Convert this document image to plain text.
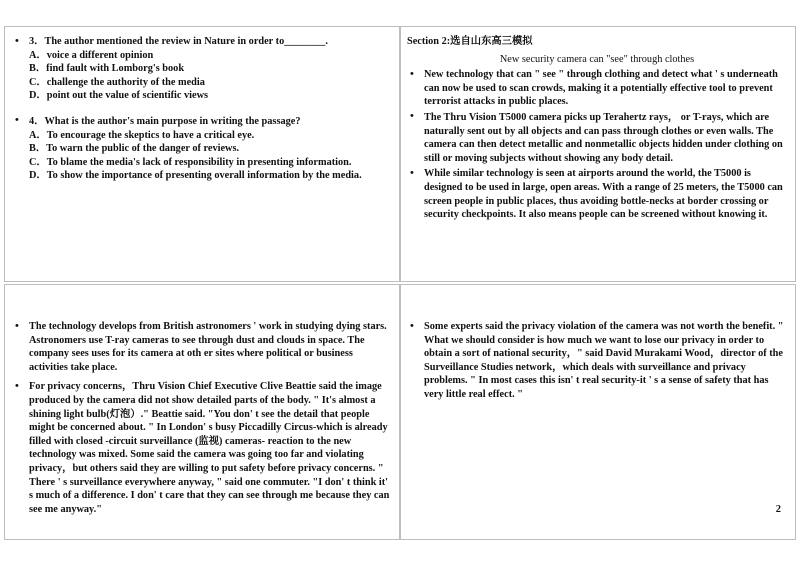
• 3．The author mentioned the review in Nature in order to________.
A．voice a different opinion
B．find fault with Lomborg's book
C．challenge the authority of the media
D．point out the value of scientific views
• 4．What is the author's main purpose in writing the passage?
A．To encourage the skeptics to have a critical eye.
B．To warn the public of the danger of reviews.
C．To blame the media's lack of responsibility in presenting information.
D．To show the importance of presenting overall information by the media.
Section 2:选自山东高三模拟
New security camera can "see" through clothes
• New technology that can " see " through clothing and detect what ' s underneath can now be used to scan crowds, making it a potentially effective tool to prevent terrorist attacks in public places.
• The Thru Vision T5000 camera picks up Terahertz rays， or T-rays, which are naturally sent out by all objects and can pass through clothes or even walls. The camera can then detect metallic and nonmetallic objects hidden under clothing on still or moving subjects without showing any body detail.
• While similar technology is seen at airports around the world, the T5000 is designed to be used in large, open areas. With a range of 25 meters, the T5000 can screen people in public places, thus avoiding bottle-necks at border crossing or security checkpoints. It also means people can be screened without knowing it.
• The technology develops from British astronomers ' work in studying dying stars. Astronomers use T-ray cameras to see through dust and clouds in space. The company sees uses for its camera at oth er sites where political or business activities take place.
• For privacy concerns，Thru Vision Chief Executive Clive Beattie said the image produced by the camera did not show detailed parts of the body. " It's almost a shining light bulb(灯泡）." Beattie said. "You don' t see the detail that people might be concerned about. " In London' s busy Piccadilly Circus-which is already filled with closed -circuit surveillance (监视) cameras- reaction to the new technology was mixed. Some said the camera was going too far and violating privacy，but others said they are willing to put safety before privacy concerns. " There ' s surveillance everywhere anyway, " said one commuter. "I don' t think it' s much of a difference. I don' t care that they can see through me because they can see me anyway."
• Some experts said the privacy violation of the camera was not worth the benefit. " What we should consider is how much we want to lose our privacy in order to obtain a sort of national security，" said David Murakami Wood，director of the Surveillance Studies network，which deals with surveillance and privacy problems. " In most cases this isn' t real security-it ' s a sense of safety that has very little real effect. "
2
